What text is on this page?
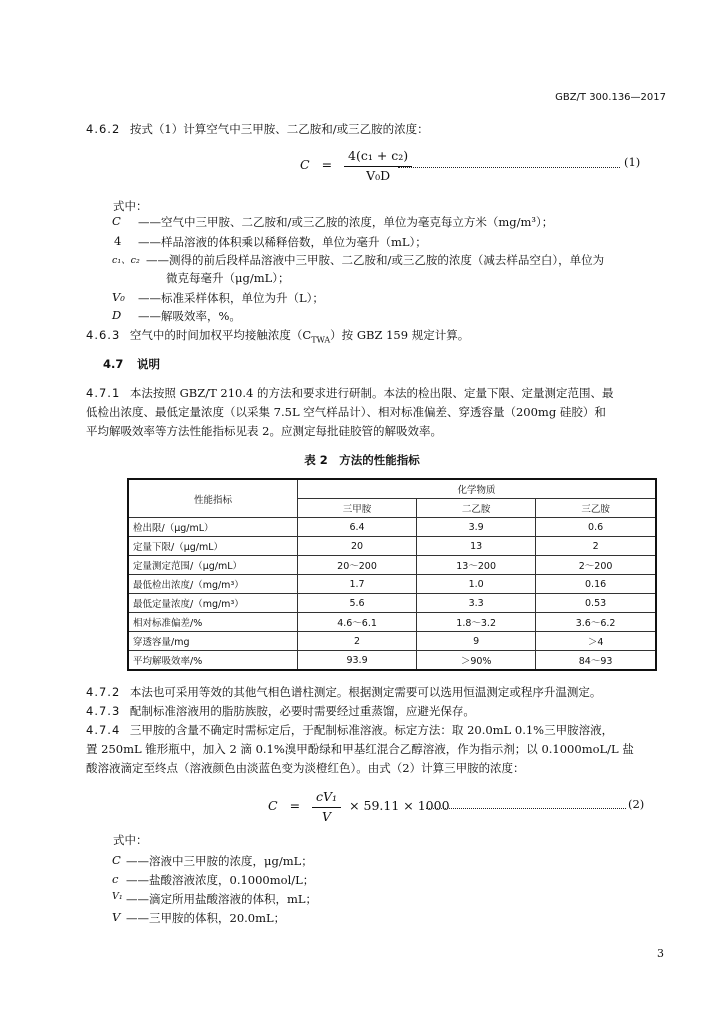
GBZ/T 300.136—2017
4.6.2 按式（1）计算空气中三甲胺、二乙胺和/或三乙胺的浓度：
$C = \frac{\text{4(c₁ + c₂)}}{\text{V₀D}}$	(1)
式中：
C	——空气中三甲胺、二乙胺和/或三乙胺的浓度，单位为毫克每立方米（mg/m³）；
4	——样品溶液的体积乘以稀释倍数，单位为毫升（mL）；
c₁、c₂ ——测得的前后段样品溶液中三甲胺、二乙胺和/或三乙胺的浓度（减去样品空白），单位为
微克每毫升（μg/mL）；
V₀	——标准采样体积，单位为升（L）；
D	——解吸效率，%。
4.6.3 空气中的时间加权平均接触浓度$(C_{TWA})$按 GBZ 159 规定计算。
4.7 说明
4.7.1 本法按照 GBZ/T 210.4 的方法和要求进行研制。本法的检出限、定量下限、定量测定范围、最
低检出浓度、最低定量浓度（以采集 7.5L 空气样品计）、相对标准偏差、穿透容量（200mg 硅胶）和
平均解吸效率等方法性能指标见表 2。应测定每批硅胶管的解吸效率。
表 2　方法的性能指标
性能指标	化学物质		
	三甲胺	二乙胺	三乙胺
检出限/（μg/mL）	6.4	3.9	0.6
定量下限/（μg/mL）	20	13	2
定量测定范围/（μg/mL）	20～200	13～200	2～200
最低检出浓度/（mg/m³）	1.7	1.0	0.16
最低定量浓度/（mg/m³）	5.6	3.3	0.53
相对标准偏差/%	4.6～6.1	1.8～3.2	3.6～6.2
穿透容量/mg	2	9	＞4
平均解吸效率/%	93.9	＞90%	84～93
4.7.2 本法也可采用等效的其他气相色谱柱测定。根据测定需要可以选用恒温测定或程序升温测定。
4.7.3 配制标准溶液用的脂肪族胺，必要时需要经过重蒸馏，应避光保存。
4.7.4 三甲胺的含量不确定时需标定后，于配制标准溶液。标定方法：取 20.0mL 0.1%三甲胺溶液，
置 250mL 锥形瓶中，加入 2 滴 0.1%溴甲酚绿和甲基红混合乙醇溶液，作为指示剂；以 0.1000moL/L 盐
酸溶液滴定至终点（溶液颜色由淡蓝色变为淡橙红色）。由式（2）计算三甲胺的浓度：
$C = \frac{\text{cV₁}}{V} \times 59.11 \times 1000$	(2)
式中：
C ——溶液中三甲胺的浓度，μg/mL；
c ——盐酸溶液浓度，0.1000mol/L；
V₁ ——滴定所用盐酸溶液的体积，mL；
V ——三甲胺的体积，20.0mL；
3
